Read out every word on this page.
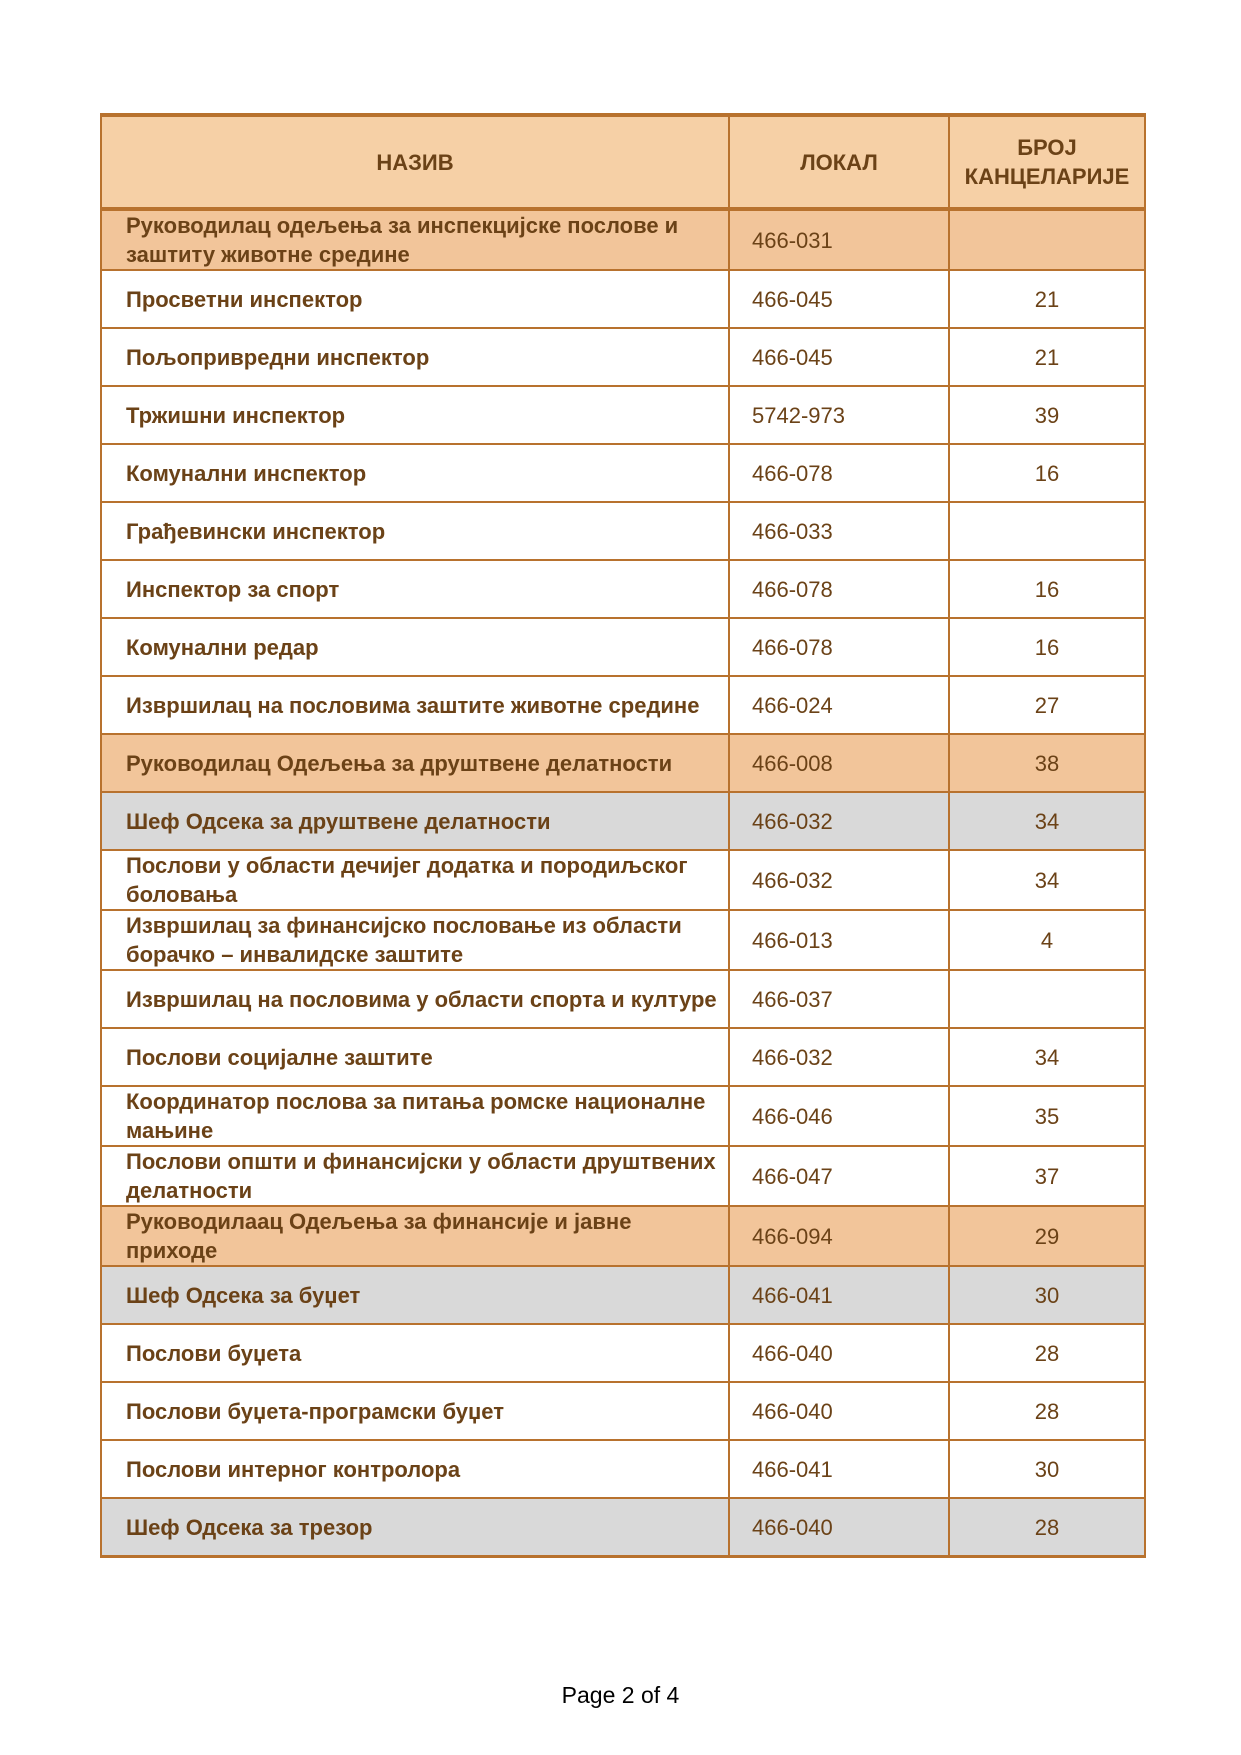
НАЗИВ	ЛОКАЛ	БРОЈ
КАНЦЕЛАРИЈЕ

Руководилац одељења за инспекцијске послове и заштиту животне средине	466-031	
Просветни инспектор	466-045	21
Пољопривредни инспектор	466-045	21
Тржишни инспектор	5742-973	39
Комунални инспектор	466-078	16
Грађевински инспектор	466-033	
Инспектор за спорт	466-078	16
Комунални редар	466-078	16
Извршилац на пословима заштите животне средине	466-024	27
Руководилац Одељења за друштвене делатности	466-008	38
Шеф Одсека за друштвене делатности	466-032	34
Послови у области дечијег додатка и породиљског боловања	466-032	34
Извршилац за финансијско пословање из области борачко – инвалидске заштите	466-013	4
Извршилац на пословима у области спорта и културе	466-037	
Послови социјалне заштите	466-032	34
Координатор послова за питања ромске националне мањине	466-046	35
Послови општи и финансијски у области друштвених делатности	466-047	37
Руководилаац Одељења за финансије и јавне приходе	466-094	29
Шеф Одсека за буџет	466-041	30
Послови буџета	466-040	28
Послови буџета-програмски буџет	466-040	28
Послови интерног контролора	466-041	30
Шеф Одсека за трезор	466-040	28
Page 2 of 4
